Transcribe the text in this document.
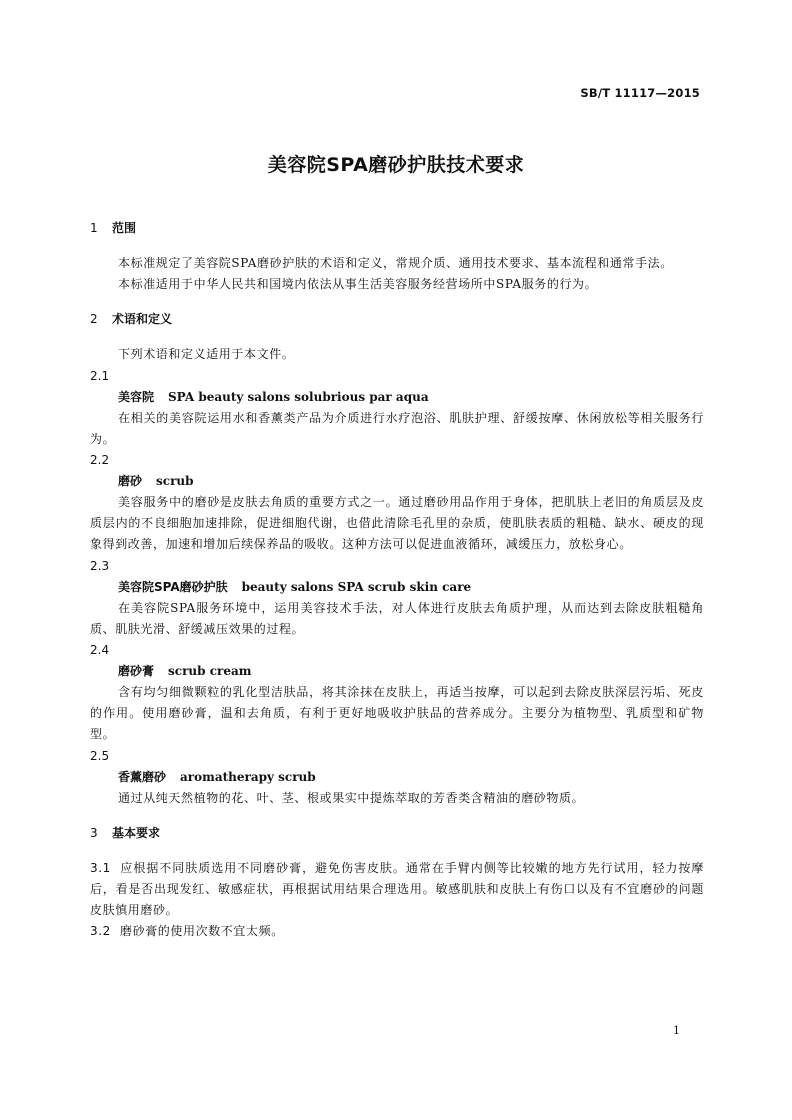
SB/T 11117—2015
美容院SPA磨砂护肤技术要求
1 范围

本标准规定了美容院SPA磨砂护肤的术语和定义，常规介质、通用技术要求、基本流程和通常手法。

本标准适用于中华人民共和国境内依法从事生活美容服务经营场所中SPA服务的行为。

2 术语和定义

下列术语和定义适用于本文件。

2.1
美容院 SPA beauty salons solubrious par aqua

在相关的美容院运用水和香薰类产品为介质进行水疗泡浴、肌肤护理、舒缓按摩、休闲放松等相关服务行为。

2.2
磨砂 scrub

美容服务中的磨砂是皮肤去角质的重要方式之一。通过磨砂用品作用于身体，把肌肤上老旧的角质层及皮质层内的不良细胞加速排除，促进细胞代谢，也借此清除毛孔里的杂质，使肌肤表质的粗糙、缺水、硬皮的现象得到改善，加速和增加后续保养品的吸收。这种方法可以促进血液循环，减缓压力，放松身心。

2.3
美容院SPA磨砂护肤 beauty salons SPA scrub skin care

在美容院SPA服务环境中，运用美容技术手法，对人体进行皮肤去角质护理，从而达到去除皮肤粗糙角质、肌肤光滑、舒缓减压效果的过程。

2.4
磨砂膏 scrub cream

含有均匀细微颗粒的乳化型洁肤品，将其涂抹在皮肤上，再适当按摩，可以起到去除皮肤深层污垢、死皮的作用。使用磨砂膏，温和去角质，有利于更好地吸收护肤品的营养成分。主要分为植物型、乳质型和矿物型。

2.5
香薰磨砂 aromatherapy scrub

通过从纯天然植物的花、叶、茎、根或果实中提炼萃取的芳香类含精油的磨砂物质。

3 基本要求

3.1 应根据不同肤质选用不同磨砂膏，避免伤害皮肤。通常在手臂内侧等比较嫩的地方先行试用，轻力按摩后，看是否出现发红、敏感症状，再根据试用结果合理选用。敏感肌肤和皮肤上有伤口以及有不宜磨砂的问题皮肤慎用磨砂。

3.2 磨砂膏的使用次数不宜太频。

1
